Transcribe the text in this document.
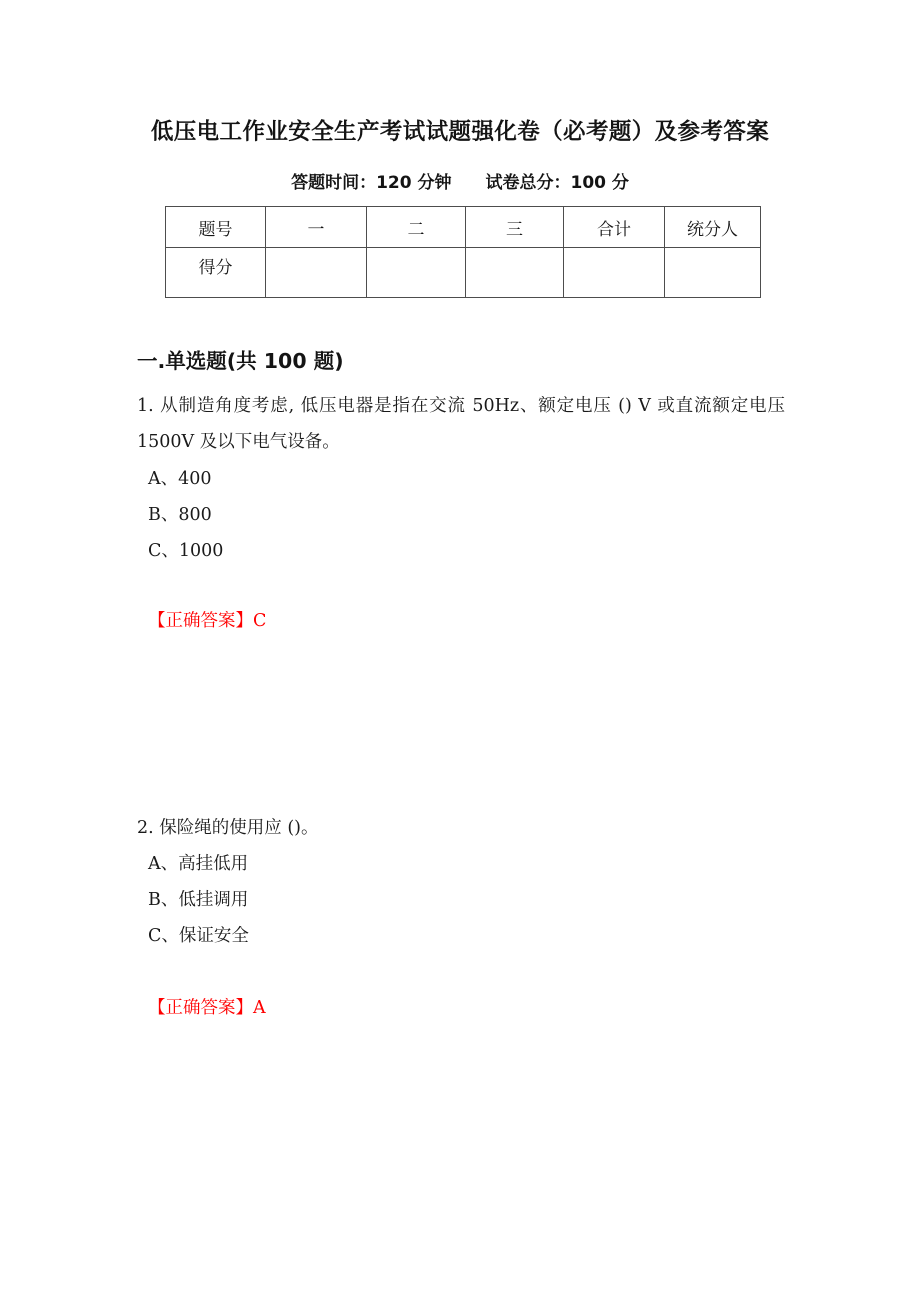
低压电工作业安全生产考试试题强化卷（必考题）及参考答案
答题时间：120 分钟　　试卷总分：100 分
题号	一	二	三	合计	统分人
得分					
一.单选题(共 100 题)
1. 从制造角度考虑, 低压电器是指在交流 50Hz、额定电压 () V 或直流额定电压 1500V 及以下电气设备。
A、400
B、800
C、1000
【正确答案】C
2. 保险绳的使用应 ()。
A、高挂低用
B、低挂调用
C、保证安全
【正确答案】A
